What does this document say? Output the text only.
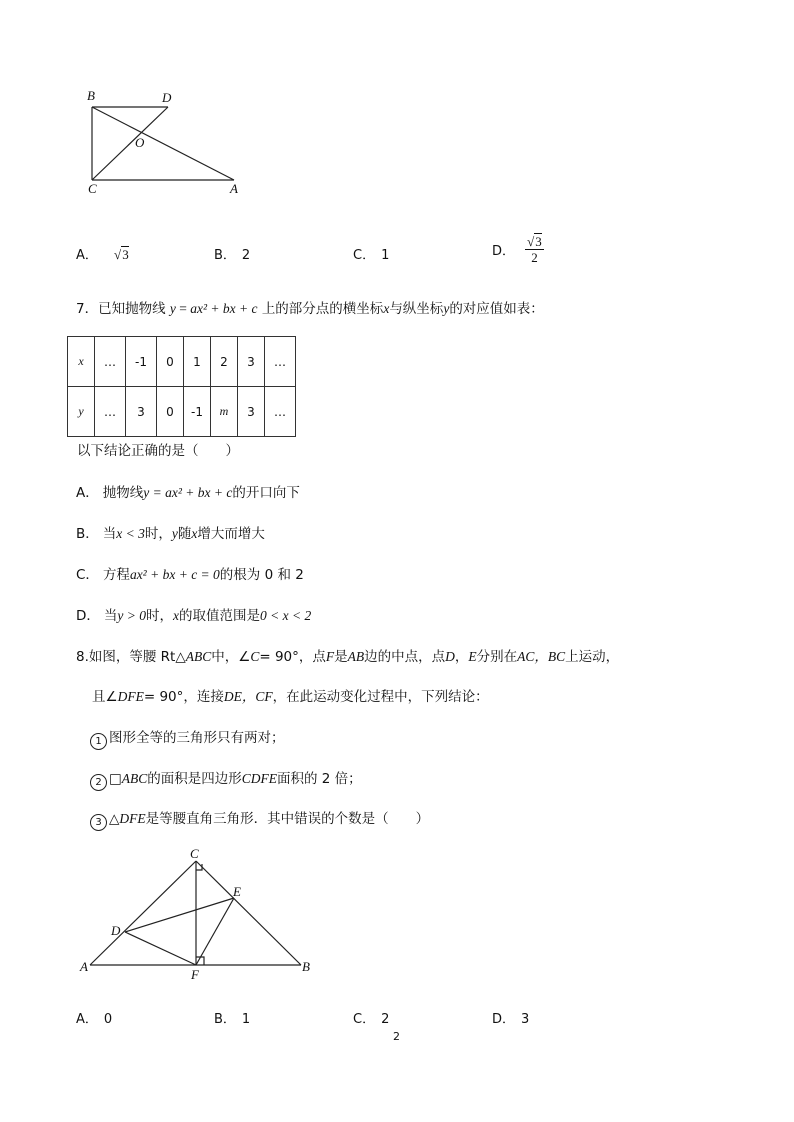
B	D
O
C	A
A． √3	B． 2	C． 1	D． $\frac{√3}{2}$
7．已知抛物线 y = ax² + bx + c 上的部分点的横坐标x与纵坐标y的对应值如表：
x	…	-1	0	1	2	3	…
y	…	3	0	-1	m	3	…
以下结论正确的是（　　）
A． 抛物线y = ax² + bx + c的开口向下
B． 当x < 3时，y随x增大而增大
C． 方程ax² + bx + c = 0的根为 0 和 2
D． 当y > 0时，x的取值范围是0 < x < 2
8.如图，等腰 Rt△ABC中，∠C= 90°，点F是AB边的中点，点D，E分别在AC，BC上运动，
且∠DFE= 90°，连接DE，CF，在此运动变化过程中，下列结论：
1 图形全等的三角形只有两对；
2 □ABC的面积是四边形CDFE面积的 2 倍；
3 △DFE是等腰直角三角形．其中错误的个数是（　　）
C
E
D
A
F
B
A． 0	B． 1	C． 2	D． 3
2
